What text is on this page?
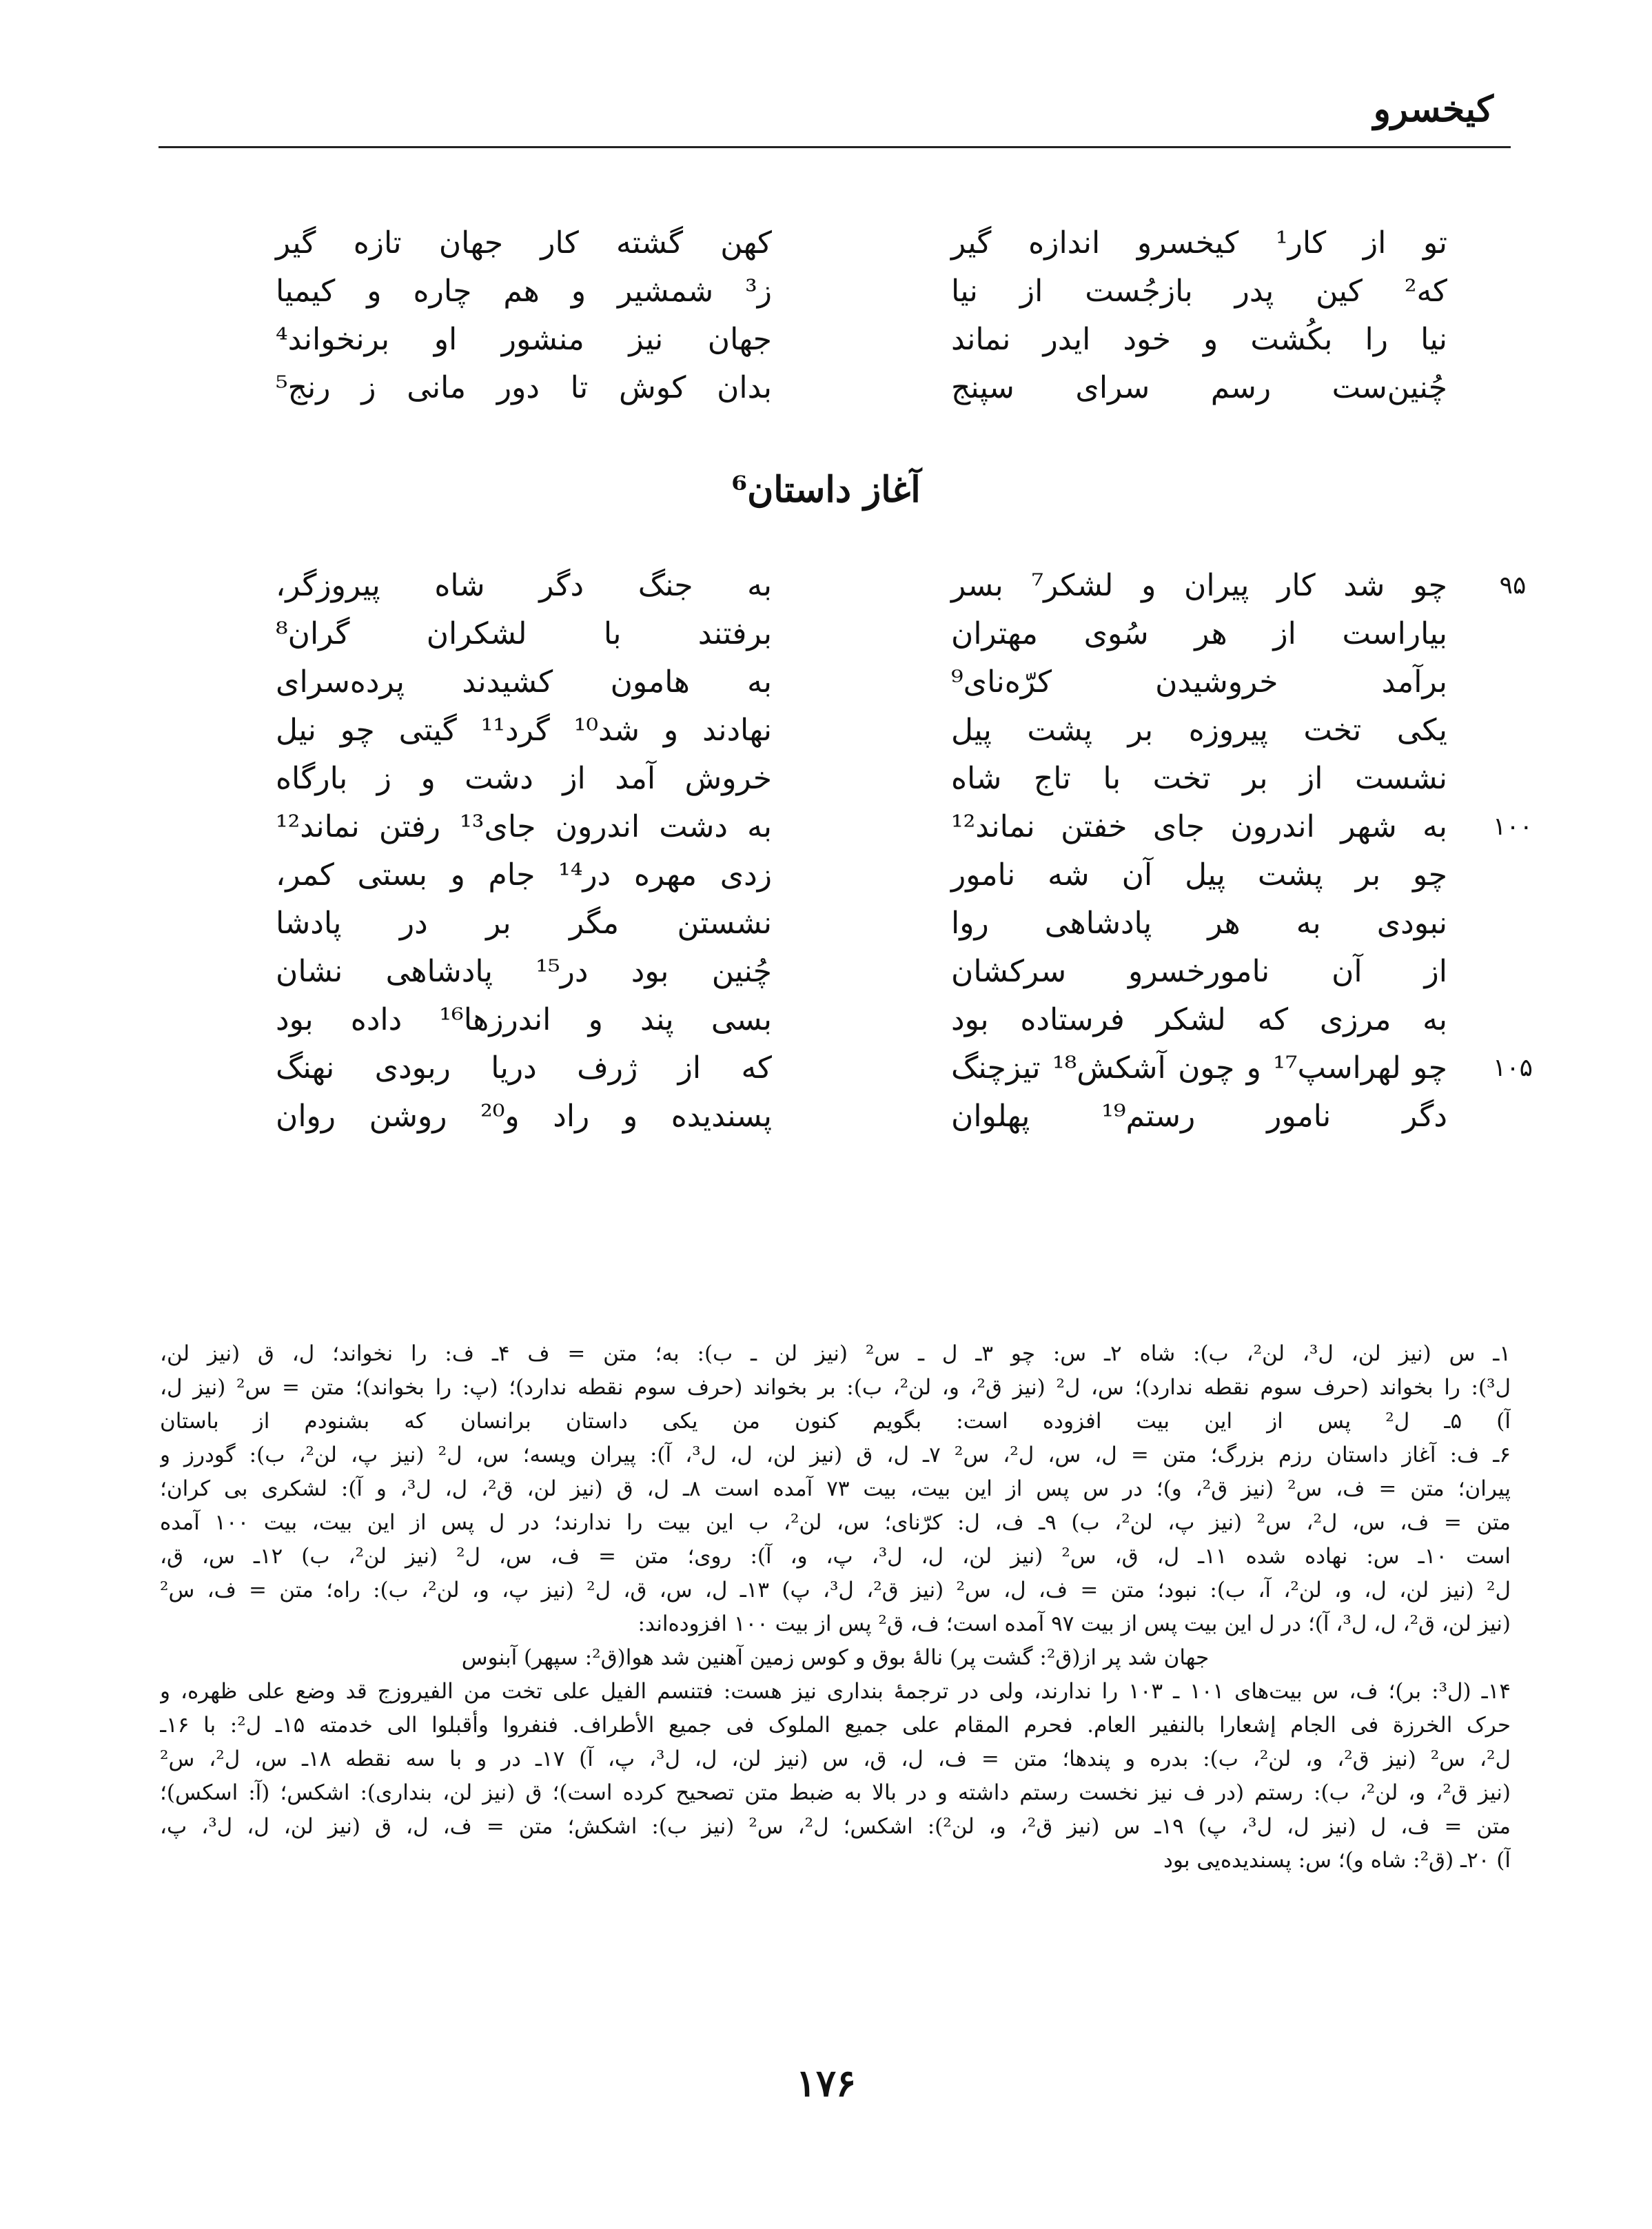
کیخسرو
تو از کار¹ کیخسرو اندازه گیر
کهن گشته کار جهان تازه گیر
که² کین پدر بازجُست از نیا
ز³ شمشیر و هم چاره و کیمیا
نیا را بکُشت و خود ایدر نماند
جهان نیز منشور او برنخواند⁴
چُنین‌ست رسم سرای سپنج
بدان کوش تا دور مانی ز رنج⁵
آغاز داستان⁶
۹۵
چو شد کار پیران و لشکر⁷ بسر
به جنگ دگر شاه پیروزگر،
بیاراست از هر سُوی مهتران
برفتند با لشکران گران⁸
برآمد خروشیدن کرّه‌نای⁹
به هامون کشیدند پرده‌سرای
یکی تخت پیروزه بر پشت پیل
نهادند و شد¹⁰ گرد¹¹ گیتی چو نیل
نشست از بر تخت با تاج شاه
خروش آمد از دشت و ز بارگاه
۱۰۰
به شهر اندرون جای خفتن نماند¹²
به دشت اندرون جای¹³ رفتن نماند¹²
چو بر پشت پیل آن شه نامور
زدی مهره در¹⁴ جام و بستی کمر،
نبودی به هر پادشاهی روا
نشستن مگر بر در پادشا
از آن نامورخسرو سرکشان
چُنین بود در¹⁵ پادشاهی نشان
به مرزی که لشکر فرستاده بود
بسی پند و اندرزها¹⁶ داده بود
۱۰۵
چو لهراسپ¹⁷ و چون آشکش¹⁸ تیزچنگ
که از ژرف دریا ربودی نهنگ
دگر نامور رستم¹⁹ پهلوان
پسندیده و راد و²⁰ روشن روان
۱ـ س (نیز لن، ل³، لن²، ب): شاه ۲ـ س: چو ۳ـ ل ـ س² (نیز لن ـ ب): به؛ متن = ف ۴ـ ف: را نخواند؛ ل، ق (نیز لن،
ل³): را بخواند (حرف سوم نقطه ندارد)؛ س، ل² (نیز ق²، و، لن²، ب): بر بخواند (حرف سوم نقطه ندارد)؛ (پ: را بخواند)؛ متن = س² (نیز ل،
آ) ۵ـ ل² پس از این بیت افزوده است: بگویم کنون من یکی داستان برانسان که بشنودم از باستان
۶ـ ف: آغاز داستان رزم بزرگ؛ متن = ل، س، ل²، س² ۷ـ ل، ق (نیز لن، ل، ل³، آ): پیران ویسه؛ س، ل² (نیز پ، لن²، ب): گودرز و
پیران؛ متن = ف، س² (نیز ق²، و)؛ در س پس از این بیت، بیت ۷۳ آمده است ۸ـ ل، ق (نیز لن، ق²، ل، ل³، و آ): لشکری بی کران؛
متن = ف، س، ل²، س² (نیز پ، لن²، ب) ۹ـ ف، ل: کرّنای؛ س، لن²، ب این بیت را ندارند؛ در ل پس از این بیت، بیت ۱۰۰ آمده
است ۱۰ـ س: نهاده شده ۱۱ـ ل، ق، س² (نیز لن، ل، ل³، پ، و، آ): روی؛ متن = ف، س، ل² (نیز لن²، ب) ۱۲ـ س، ق،
ل² (نیز لن، ل، و، لن²، آ، ب): نبود؛ متن = ف، ل، س² (نیز ق²، ل³، پ) ۱۳ـ ل، س، ق، ل² (نیز پ، و، لن²، ب): راه؛ متن = ف، س²
(نیز لن، ق²، ل، ل³، آ)؛ در ل این بیت پس از بیت ۹۷ آمده است؛ ف، ق² پس از بیت ۱۰۰ افزوده‌اند:
جهان شد پر از(ق²: گشت پر) نالهٔ بوق و کوس زمین آهنین شد هوا(ق²: سپهر) آبنوس
۱۴ـ (ل³: بر)؛ ف، س بیت‌های ۱۰۱ ـ ۱۰۳ را ندارند، ولی در ترجمهٔ بنداری نیز هست: فتنسم الفیل علی تخت من الفیروزج قد وضع علی ظهره، و
حرک الخرزة فی الجام إشعارا بالنفیر العام. فحرم المقام علی جمیع الملوک فی جمیع الأطراف. فنفروا وأقبلوا الی خدمته ۱۵ـ ل²: با ۱۶ـ
ل²، س² (نیز ق²، و، لن²، ب): بدره و پندها؛ متن = ف، ل، ق، س (نیز لن، ل، ل³، پ، آ) ۱۷ـ در و با سه نقطه ۱۸ـ س، ل²، س²
(نیز ق²، و، لن²، ب): رستم (در ف نیز نخست رستم داشته و در بالا به ضبط متن تصحیح کرده است)؛ ق (نیز لن، بنداری): اشکس؛ (آ: اسکس)؛
متن = ف، ل (نیز ل، ل³، پ) ۱۹ـ س (نیز ق²، و، لن²): اشکس؛ ل²، س² (نیز ب): اشکش؛ متن = ف، ل، ق (نیز لن، ل، ل³، پ،
آ) ۲۰ـ (ق²: شاه و)؛ س: پسندیده‌یی بود
۱۷۶
